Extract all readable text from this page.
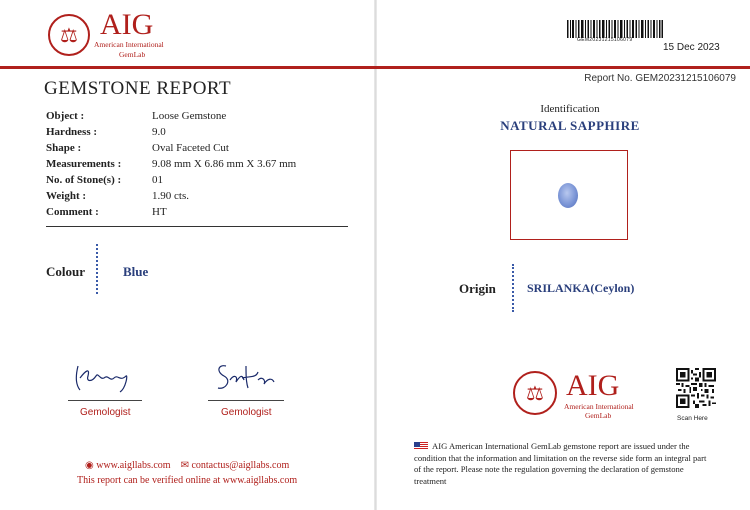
⚖ AIG
American International
GemLab
GEMSTONE REPORT
Object :	Loose Gemstone
Hardness :	9.0
Shape :	Oval Faceted Cut
Measurements :	9.08 mm X 6.86 mm X 3.67 mm
No. of Stone(s) :	01
Weight :	1.90 cts.
Comment :	HT
Colour	Blue
Gemologist	Gemologist
◉ www.aigllabs.com ✉ contactus@aigllabs.com
This report can be verified online at www.aigllabs.com
GEM20231215106079
15 Dec 2023
Report No. GEM20231215106079
Identification
NATURAL SAPPHIRE
Origin	SRILANKA(Ceylon)
⚖ AIG
American International
GemLab	Scan Here
AIG American International GemLab gemstone report are issued under the condition that the information and limitation on the reverse side form an integral part of the report. Please note the regulation governing the declaration of gemstone treatment
